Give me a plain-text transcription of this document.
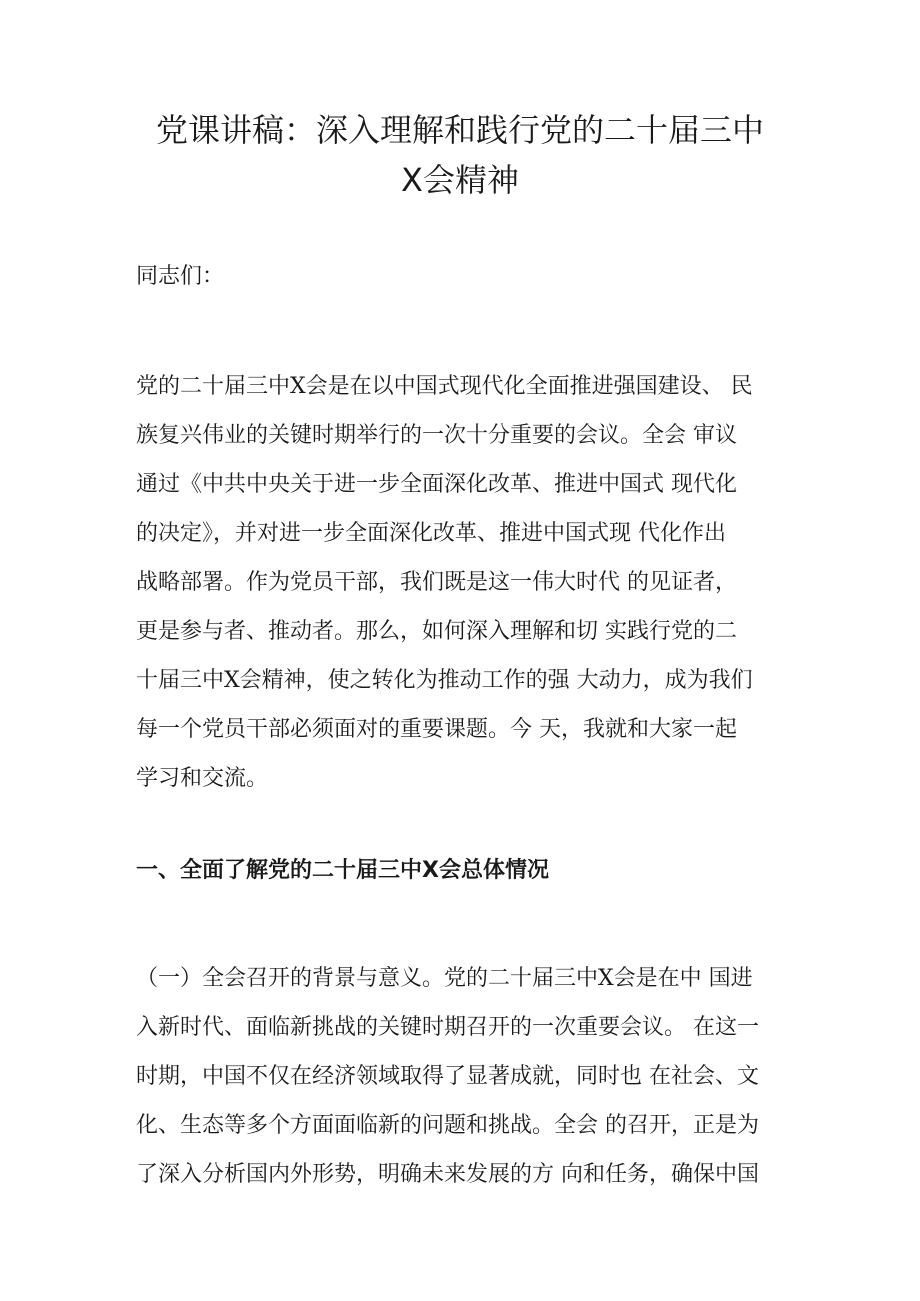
党课讲稿：深入理解和践行党的二十届三中
X会精神

同志们：

党的二十届三中X会是在以中国式现代化全面推进强国建设、 民
族复兴伟业的关键时期举行的一次十分重要的会议。全会 审议
通过《中共中央关于进一步全面深化改革、推进中国式 现代化
的决定》，并对进一步全面深化改革、推进中国式现 代化作出
战略部署。作为党员干部，我们既是这一伟大时代 的见证者，
更是参与者、推动者。那么，如何深入理解和切 实践行党的二
十届三中X会精神，使之转化为推动工作的强 大动力，成为我们
每一个党员干部必须面对的重要课题。今 天，我就和大家一起
学习和交流。
一、全面了解党的二十届三中X会总体情况
（一）全会召开的背景与意义。党的二十届三中X会是在中 国进
入新时代、面临新挑战的关键时期召开的一次重要会议。 在这一
时期，中国不仅在经济领域取得了显著成就，同时也 在社会、文
化、生态等多个方面面临新的问题和挑战。全会 的召开，正是为
了深入分析国内外形势，明确未来发展的方 向和任务，确保中国
